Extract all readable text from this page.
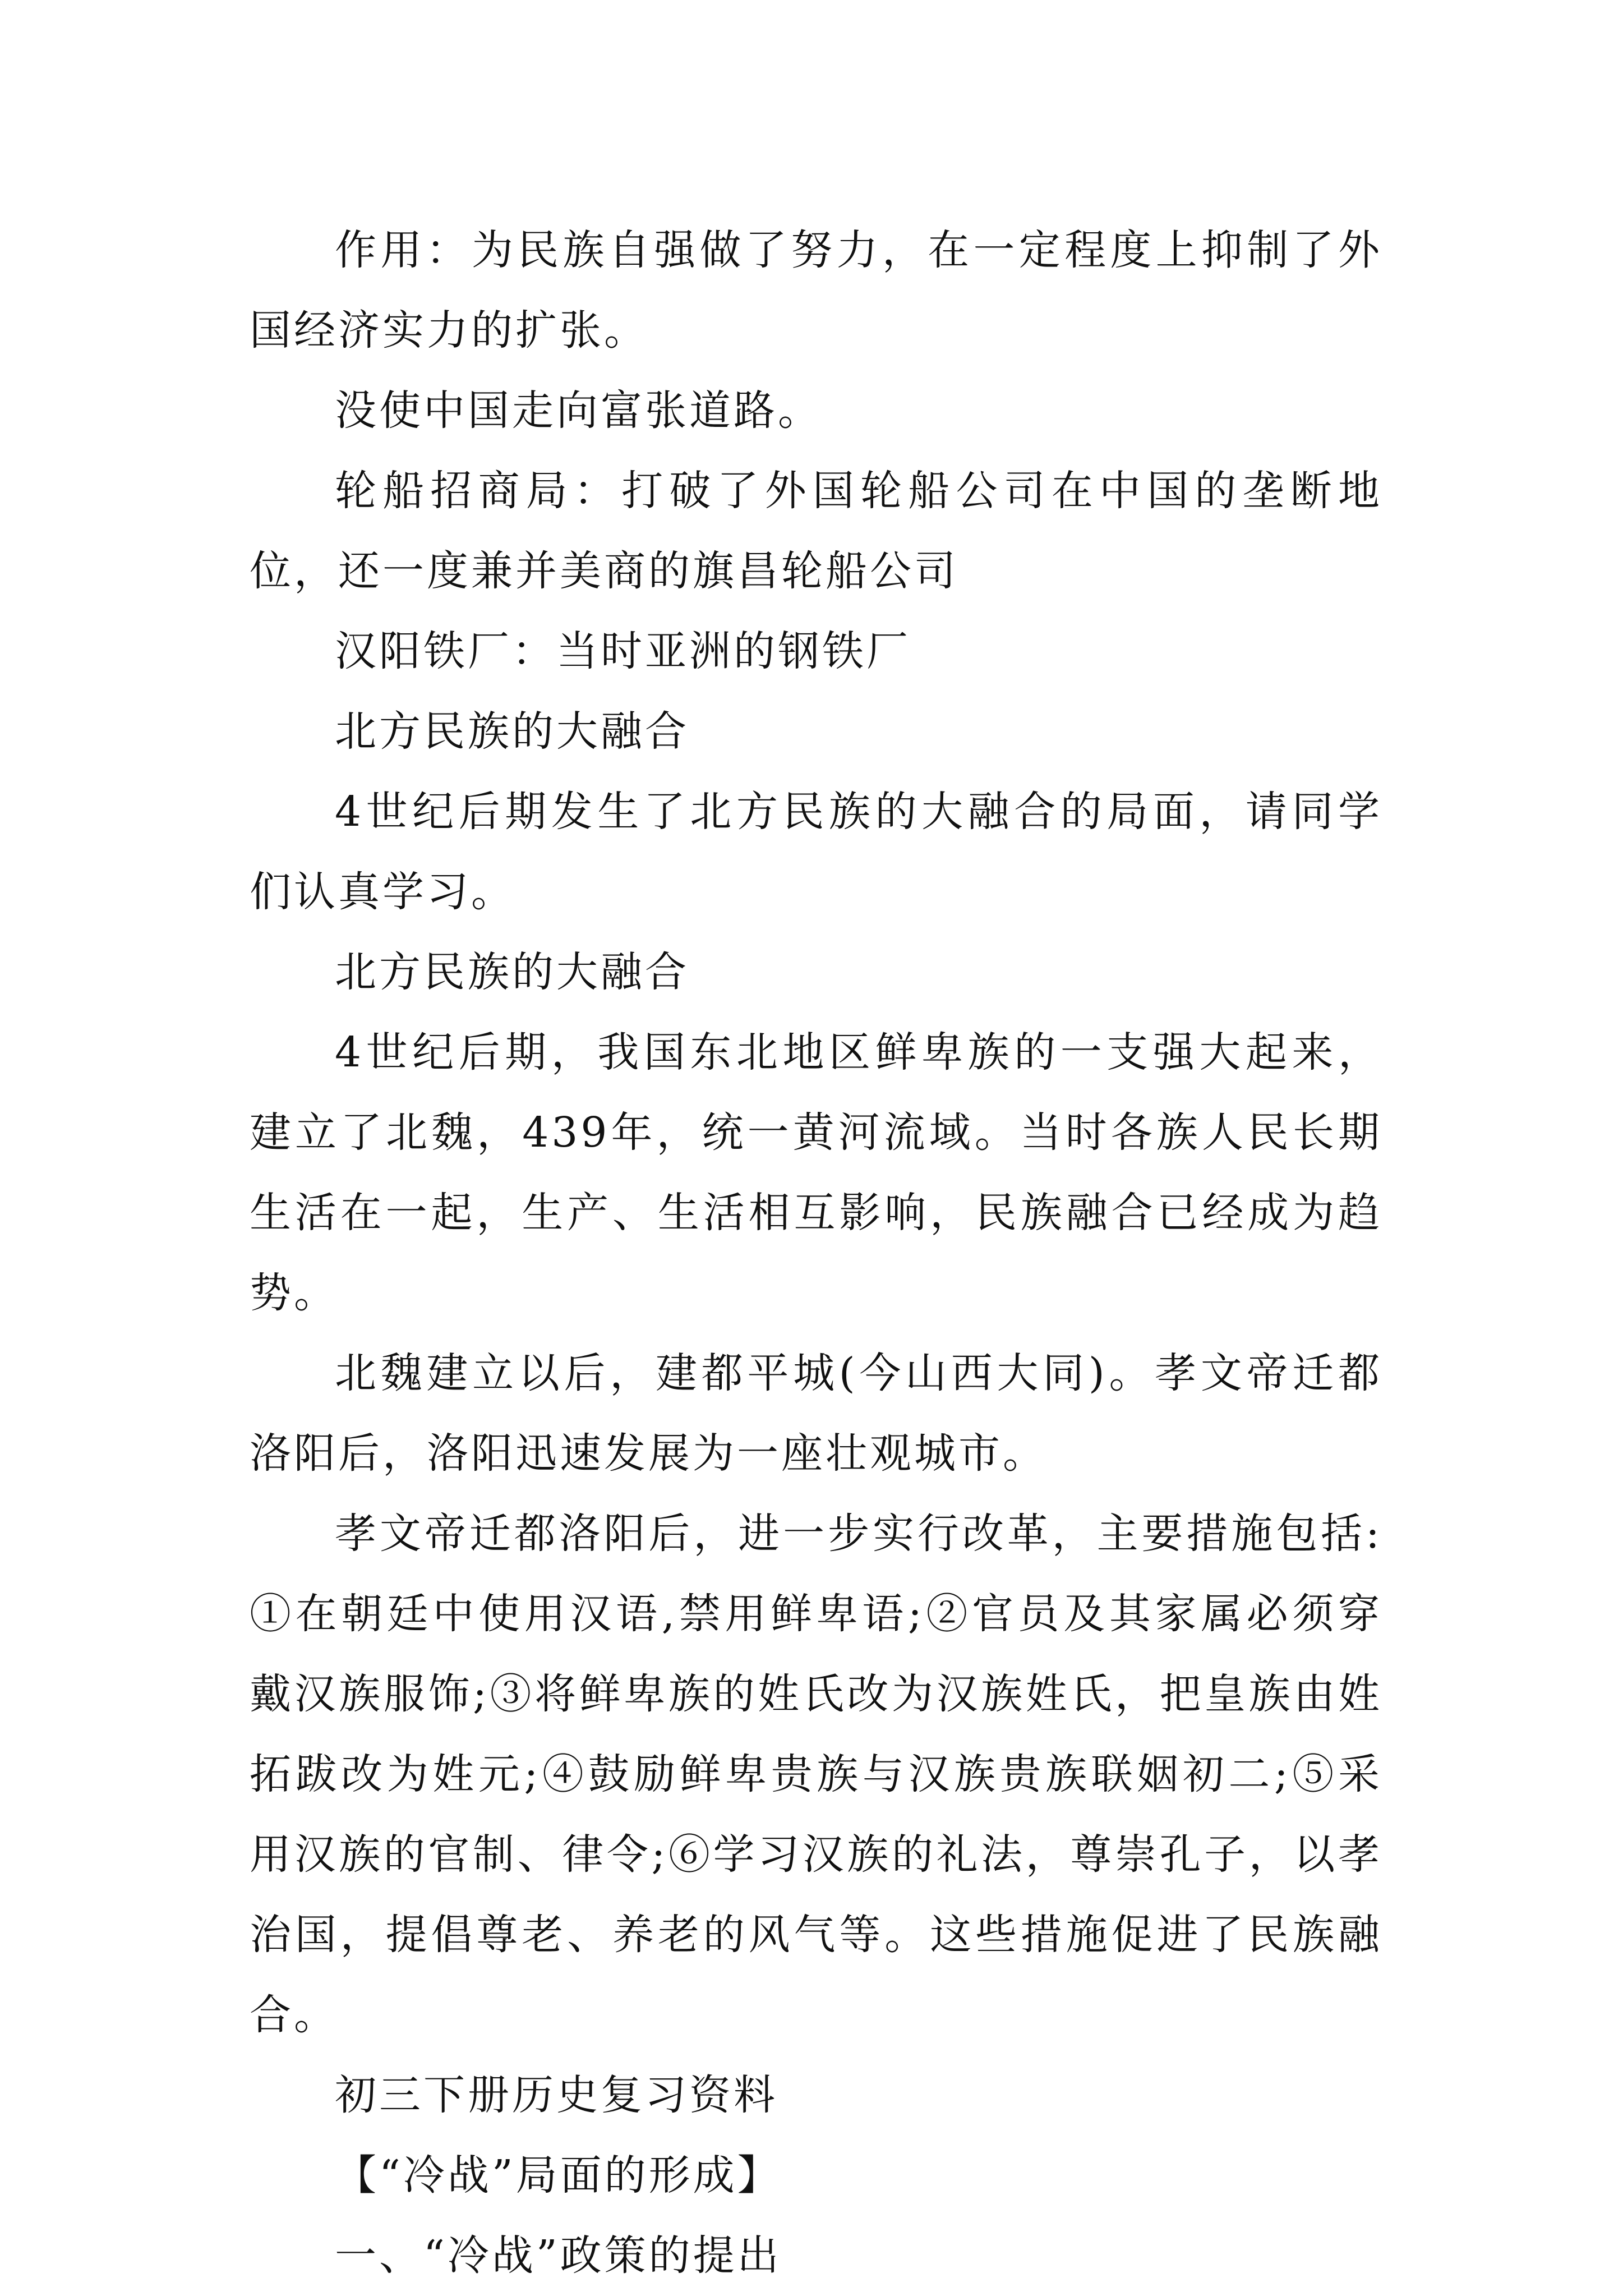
作用：为民族自强做了努力，在一定程度上抑制了外国经济实力的扩张。

没使中国走向富张道路。

轮船招商局：打破了外国轮船公司在中国的垄断地位，还一度兼并美商的旗昌轮船公司

汉阳铁厂：当时亚洲的钢铁厂

北方民族的大融合

4世纪后期发生了北方民族的大融合的局面，请同学们认真学习。

北方民族的大融合

4世纪后期，我国东北地区鲜卑族的一支强大起来，建立了北魏，439年，统一黄河流域。当时各族人民长期生活在一起，生产、生活相互影响，民族融合已经成为趋势。

北魏建立以后，建都平城(今山西大同)。孝文帝迁都洛阳后，洛阳迅速发展为一座壮观城市。

孝文帝迁都洛阳后，进一步实行改革，主要措施包括:①在朝廷中使用汉语,禁用鲜卑语;②官员及其家属必须穿戴汉族服饰;③将鲜卑族的姓氏改为汉族姓氏，把皇族由姓拓跋改为姓元;④鼓励鲜卑贵族与汉族贵族联姻初二;⑤采用汉族的官制、律令;⑥学习汉族的礼法，尊崇孔子，以孝治国，提倡尊老、养老的风气等。这些措施促进了民族融合。

初三下册历史复习资料

【“冷战”局面的形成】

一、“冷战”政策的提出
